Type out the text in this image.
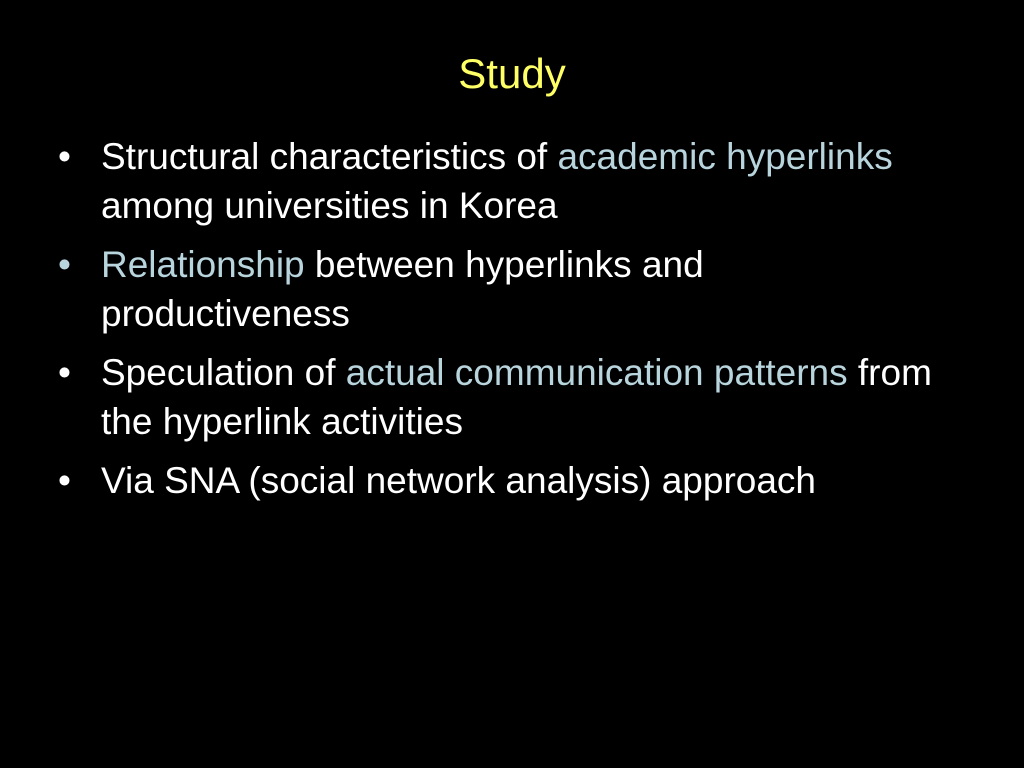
Study
• Structural characteristics of academic hyperlinks among universities in Korea
• Relationship between hyperlinks and productiveness
• Speculation of actual communication patterns from the hyperlink activities
• Via SNA (social network analysis) approach
